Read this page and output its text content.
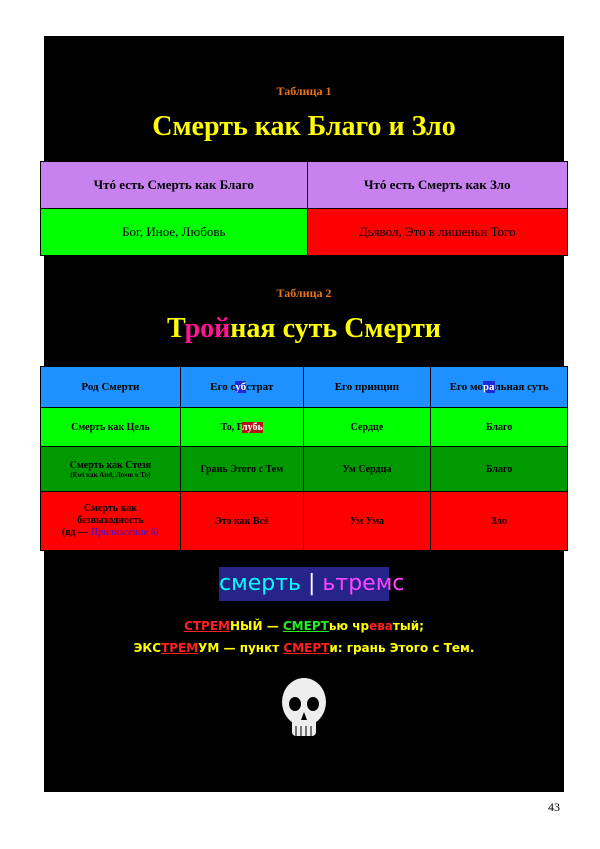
Таблица 1
Смерть как Благо и Зло
Чтó есть Смерть как Благо	Чтó есть Смерть как Зло
Бог, Иное, Любовь	Дьявол, Это в лишеньи Того
Таблица 2
Тройная суть Смерти
Род Смерти	Его субстрат	Его принцип	Его моральная суть
Смерть как Цель	То, Глубь	Сердце	Благо
Смерть как Стезя
(Ewi как And, Ло»ю в То)	Грань Этого с Тем	Ум Сердца	Благо
Смерть как
безвыходность
(вд — Приложение 6)	Это как Всё	Ум Ума	Зло
смерть | ьтремс
СТРЕМНЫЙ — СМЕРТью чреватый;
ЭКСТРЕМУМ — пункт СМЕРТи: грань Этого с Тем.
43
